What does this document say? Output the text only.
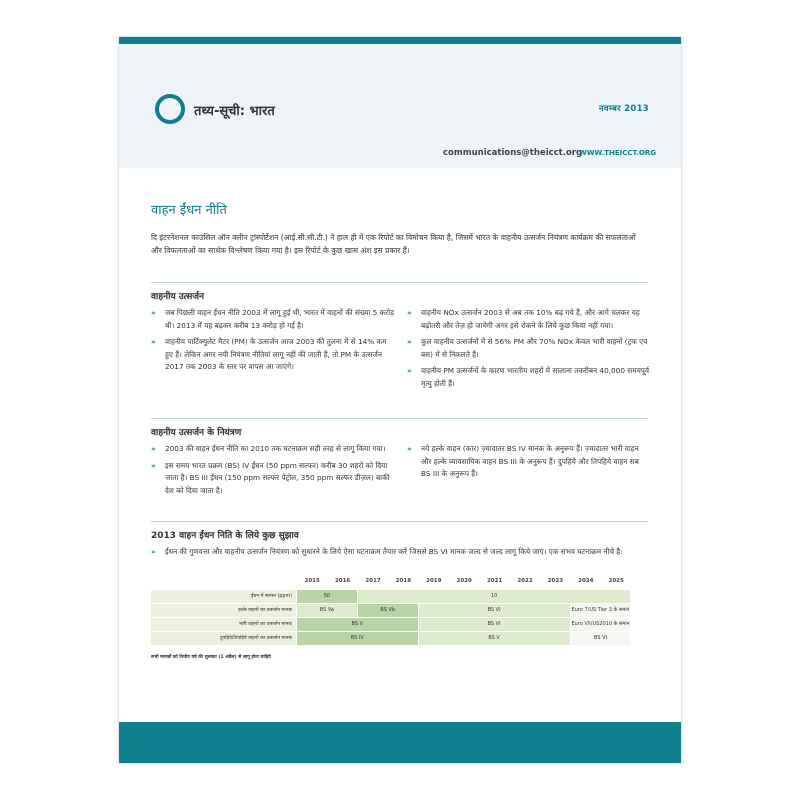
तथ्य-सूची: भारत	नवम्बर 2013
communications@theicct.org
WWW.THEICCT.ORG
वाहन ईंधन नीति
दि इंटरनेशनल काउंसिल ऑन क्लीन ट्रांस्पोर्टेशन (आई.सी.सी.टी.) ने हाल ही में एक रिपोर्ट का विमोचन किया है, जिसमें भारत के वाहनीय उत्सर्जन नियंत्रण कार्यक्रम की सफलताओं और विफलताओं का सार्थक विश्लेषण किया गया है। इस रिपोर्ट के कुछ खास अंश इस प्रकार हैं।
वाहनीय उत्सर्जन
» जब पिछली वाहन ईंधन नीति 2003 में लागू हुई थी, भारत में वाहनों की संख्या 5 करोड़ थी। 2013 में यह बढ़कर करीब 13 करोड़ हो गई है।
» वाहनीय पार्टिक्युलेट मैटर (PM) के उत्सर्जन आज 2003 की तुलना में से 14% कम हुए हैं। लेकिन अगर नयी नियंत्रण नीतियां लागू नहीं की जाती हैं, तो PM के उत्सर्जन 2017 तक 2003 के स्तर पर वापस आ जाएंगे।
» वाहनीय NOx उत्सर्जन 2003 से अब तक 10% बढ़ गये हैं, और आगे चलकर यह बढ़ोतरी और तेज़ हो जायेगी अगर इसे रोकने के लिये कुछ किया नहीं गया।
» कुल वाहनीय उत्सर्जनों में से 56% PM और 70% NOx केवल भारी वाहनों (ट्रक एवं बस) में से निकलते हैं।
» वाहनीय PM उत्सर्जनों के कारण भारतीय शहरों में सालाना तकरीबन 40,000 समयपूर्व मृत्यु होती हैं।
वाहनीय उत्सर्जन के नियंत्रण
» 2003 की वाहन ईंधन नीति का 2010 तक घटनाक्रम सही तरह से लागू किया गया।
» इस समय भारत प्रक्रम (BS) IV ईंधन (50 ppm सल्फर) करीब 30 शहरों को दिया जाता है। BS III ईंधन (150 ppm सल्फर पेट्रोल, 350 ppm सल्फर डीज़ल) बाकी देश को दिया जाता है।
» नये हल्के वाहन (कार) ज़्यादातर BS IV मानक के अनुरूप हैं। ज़्यादातर भारी वाहन और हल्के व्यावसायिक वाहन BS III के अनुरूप हैं। दुपहिये और तिपहिये वाहन सब BS III के अनुरूप हैं।
2013 वाहन ईंधन निति के लिये कुछ सुझाव
» ईंधन की गुणवत्ता और वाहनीय उत्सर्जन नियंत्रण को सुधारने के लिये ऐसा घटनाक्रम तैयार करें जिससे BS VI मानक जल्द से जल्द लागू किये जाएं। एक संभव घटनाक्रम नीचे है:
2015	2016	2017	2018	2019	2020	2021	2022	2023	2024	2025
ईंधन में सल्फर (ppm)	50	10
हल्के वाहनों का उत्सर्जन मानक	BS Va	BS Vb	BS VI	Euro 7/US Tier 3 के समान
भारी वाहनों का उत्सर्जन मानक	BS V	BS VI	Euro VII/US2010 के समान
दुपहिये/तिपहिये वाहनों का उत्सर्जन मानक	BS IV	BS V	BS VI
सभी मानकों को तिथीय वर्ष की शुरुवात (1 अप्रैल) से लागू होना चाहिये
